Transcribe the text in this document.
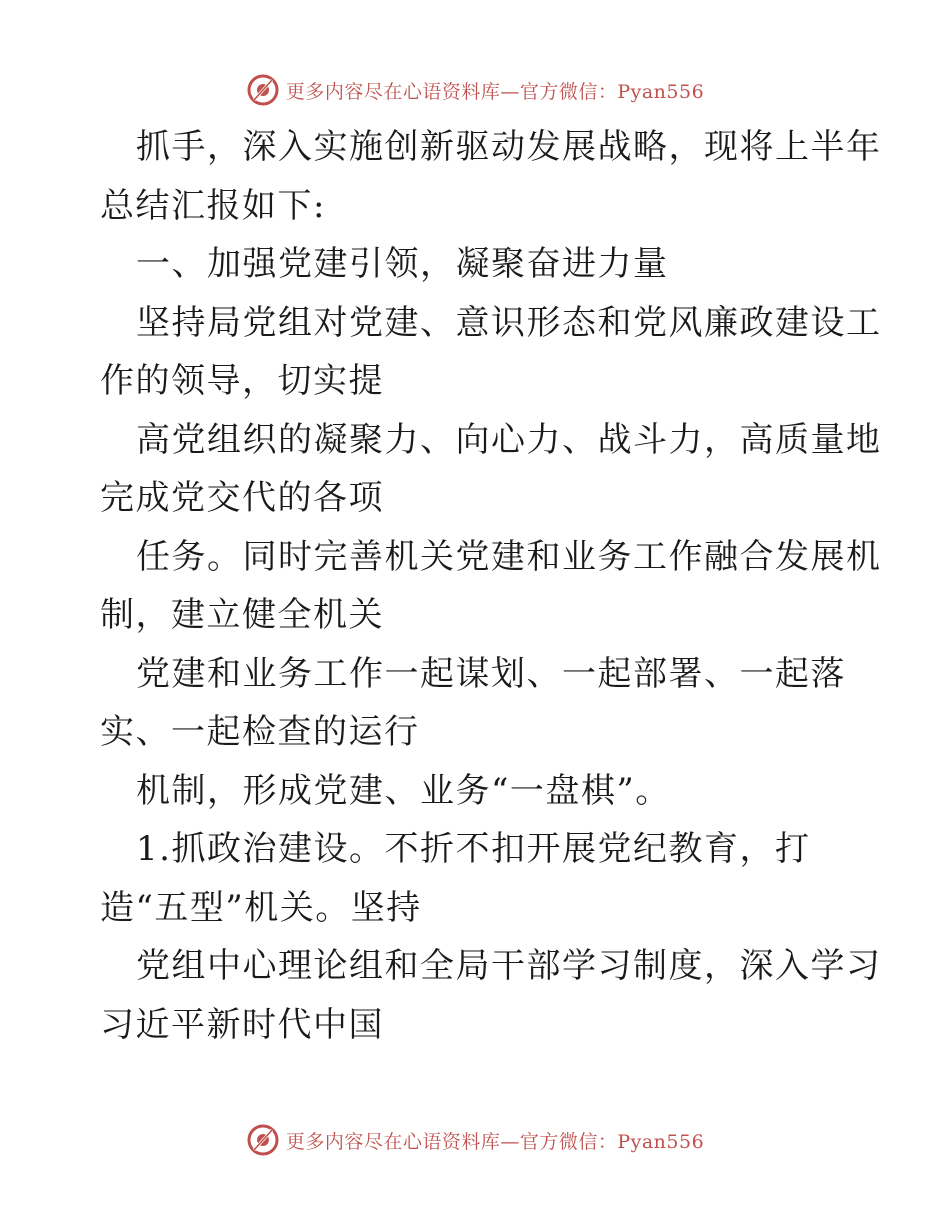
更多内容尽在心语资料库—官方微信：Pyan556
抓手，深入实施创新驱动发展战略，现将上半年
总结汇报如下:
一、加强党建引领，凝聚奋进力量
坚持局党组对党建、意识形态和党风廉政建设工
作的领导，切实提
高党组织的凝聚力、向心力、战斗力，高质量地
完成党交代的各项
任务。同时完善机关党建和业务工作融合发展机
制，建立健全机关
党建和业务工作一起谋划、一起部署、一起落
实、一起检查的运行
机制，形成党建、业务“一盘棋”。
1.抓政治建设。不折不扣开展党纪教育，打
造“五型”机关。坚持
党组中心理论组和全局干部学习制度，深入学习
习近平新时代中国
更多内容尽在心语资料库—官方微信：Pyan556
